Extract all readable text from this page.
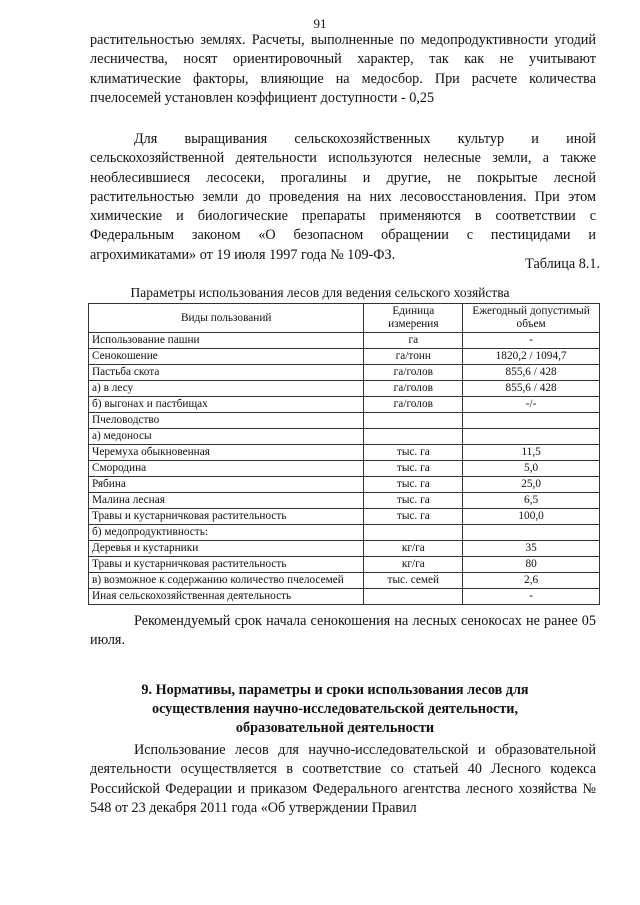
91

растительностью землях. Расчеты, выполненные по медопродуктивности угодий лесничества, носят ориентировочный характер, так как не учитывают климатические факторы, влияющие на медосбор. При расчете количества пчелосемей установлен коэффициент доступности - 0,25

Для выращивания сельскохозяйственных культур и иной сельскохозяйственной деятельности используются нелесные земли, а также необлесившиеся лесосеки, прогалины и другие, не покрытые лесной растительностью земли до проведения на них лесовосстановления. При этом химические и биологические препараты применяются в соответствии с Федеральным законом «О безопасном обращении с пестицидами и агрохимикатами» от 19 июля 1997 года № 109-ФЗ.

Таблица 8.1.
Параметры использования лесов для ведения сельского хозяйства
Виды пользований	Единица измерения	Ежегодный допустимый объем
Использование пашни	га	-
Сенокошение	га/тонн	1820,2 / 1094,7
Пастьба скота	га/голов	855,6 / 428
а) в лесу	га/голов	855,6 / 428
б) выгонах и пастбищах	га/голов	-/-
Пчеловодство		
а) медоносы		
Черемуха обыкновенная	тыс. га	11,5
Смородина	тыс. га	5,0
Рябина	тыс. га	25,0
Малина лесная	тыс. га	6,5
Травы и кустарничковая растительность	тыс. га	100,0
б) медопродуктивность:		
Деревья и кустарники	кг/га	35
Травы и кустарничковая растительность	кг/га	80
в) возможное к содержанию количество пчелосемей	тыс. семей	2,6
Иная сельскохозяйственная деятельность		-

Рекомендуемый срок начала сенокошения на лесных сенокосах не ранее 05 июля.

9. Нормативы, параметры и сроки использования лесов для осуществления научно-исследовательской деятельности, образовательной деятельности

Использование лесов для научно-исследовательской и образовательной деятельности осуществляется в соответствие со статьей 40 Лесного кодекса Российской Федерации и приказом Федерального агентства лесного хозяйства № 548 от 23 декабря 2011 года «Об утверждении Правил
